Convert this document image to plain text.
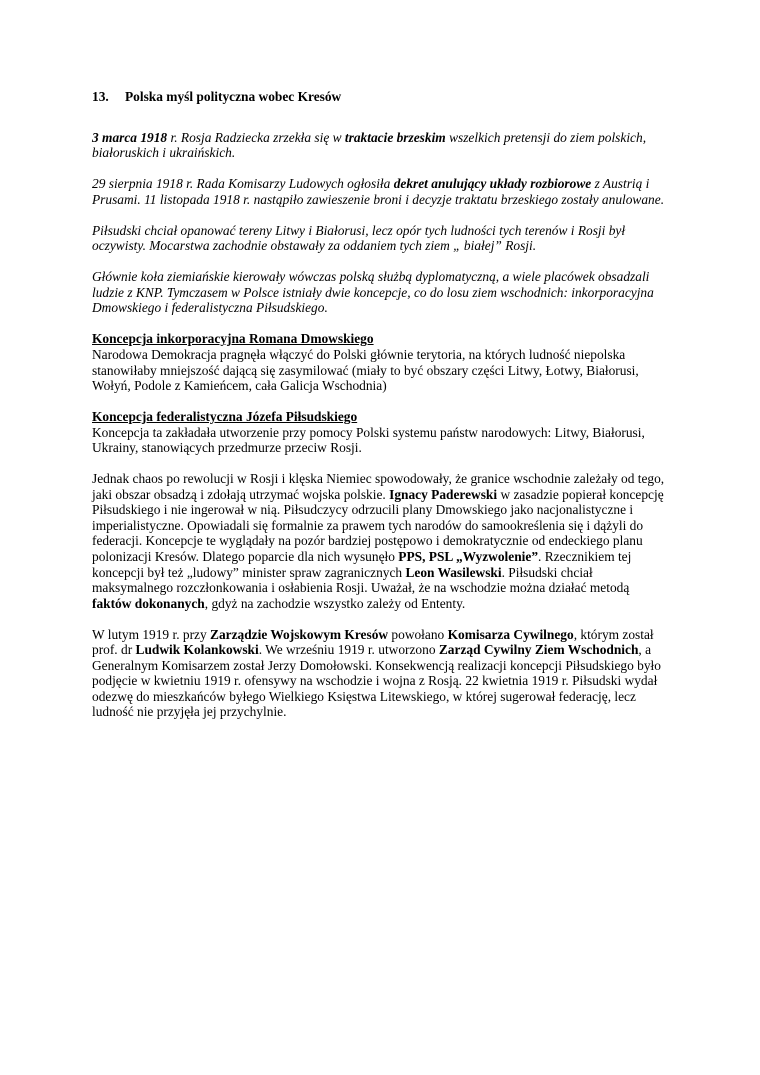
13. Polska myśl polityczna wobec Kresów

3 marca 1918 r. Rosja Radziecka zrzekła się w traktacie brzeskim wszelkich pretensji do ziem polskich, białoruskich i ukraińskich.

29 sierpnia 1918 r. Rada Komisarzy Ludowych ogłosiła dekret anulujący układy rozbiorowe z Austrią i Prusami. 11 listopada 1918 r. nastąpiło zawieszenie broni i decyzje traktatu brzeskiego zostały anulowane.

Piłsudski chciał opanować tereny Litwy i Białorusi, lecz opór tych ludności tych terenów i Rosji był oczywisty. Mocarstwa zachodnie obstawały za oddaniem tych ziem „ białej” Rosji.

Głównie koła ziemiańskie kierowały wówczas polską służbą dyplomatyczną, a wiele placówek obsadzali ludzie z KNP. Tymczasem w Polsce istniały dwie koncepcje, co do losu ziem wschodnich: inkorporacyjna Dmowskiego i federalistyczna Piłsudskiego.

Koncepcja inkorporacyjna Romana Dmowskiego

Narodowa Demokracja pragnęła włączyć do Polski głównie terytoria, na których ludność niepolska stanowiłaby mniejszość dającą się zasymilować (miały to być obszary części Litwy, Łotwy, Białorusi, Wołyń, Podole z Kamieńcem, cała Galicja Wschodnia)

Koncepcja federalistyczna Józefa Piłsudskiego

Koncepcja ta zakładała utworzenie przy pomocy Polski systemu państw narodowych: Litwy, Białorusi, Ukrainy, stanowiących przedmurze przeciw Rosji.

Jednak chaos po rewolucji w Rosji i klęska Niemiec spowodowały, że granice wschodnie zależały od tego, jaki obszar obsadzą i zdołają utrzymać wojska polskie. Ignacy Paderewski w zasadzie popierał koncepcję Piłsudskiego i nie ingerował w nią. Piłsudczycy odrzucili plany Dmowskiego jako nacjonalistyczne i imperialistyczne. Opowiadali się formalnie za prawem tych narodów do samookreślenia się i dążyli do federacji. Koncepcje te wyglądały na pozór bardziej postępowo i demokratycznie od endeckiego planu polonizacji Kresów. Dlatego poparcie dla nich wysunęło PPS, PSL „Wyzwolenie”. Rzecznikiem tej koncepcji był też „ludowy” minister spraw zagranicznych Leon Wasilewski. Piłsudski chciał maksymalnego rozczłonkowania i osłabienia Rosji. Uważał, że na wschodzie można działać metodą faktów dokonanych, gdyż na zachodzie wszystko zależy od Ententy.

W lutym 1919 r. przy Zarządzie Wojskowym Kresów powołano Komisarza Cywilnego, którym został prof. dr Ludwik Kolankowski. We wrześniu 1919 r. utworzono Zarząd Cywilny Ziem Wschodnich, a Generalnym Komisarzem został Jerzy Domołowski. Konsekwencją realizacji koncepcji Piłsudskiego było podjęcie w kwietniu 1919 r. ofensywy na wschodzie i wojna z Rosją. 22 kwietnia 1919 r. Piłsudski wydał odezwę do mieszkańców byłego Wielkiego Księstwa Litewskiego, w której sugerował federację, lecz ludność nie przyjęła jej przychylnie.
